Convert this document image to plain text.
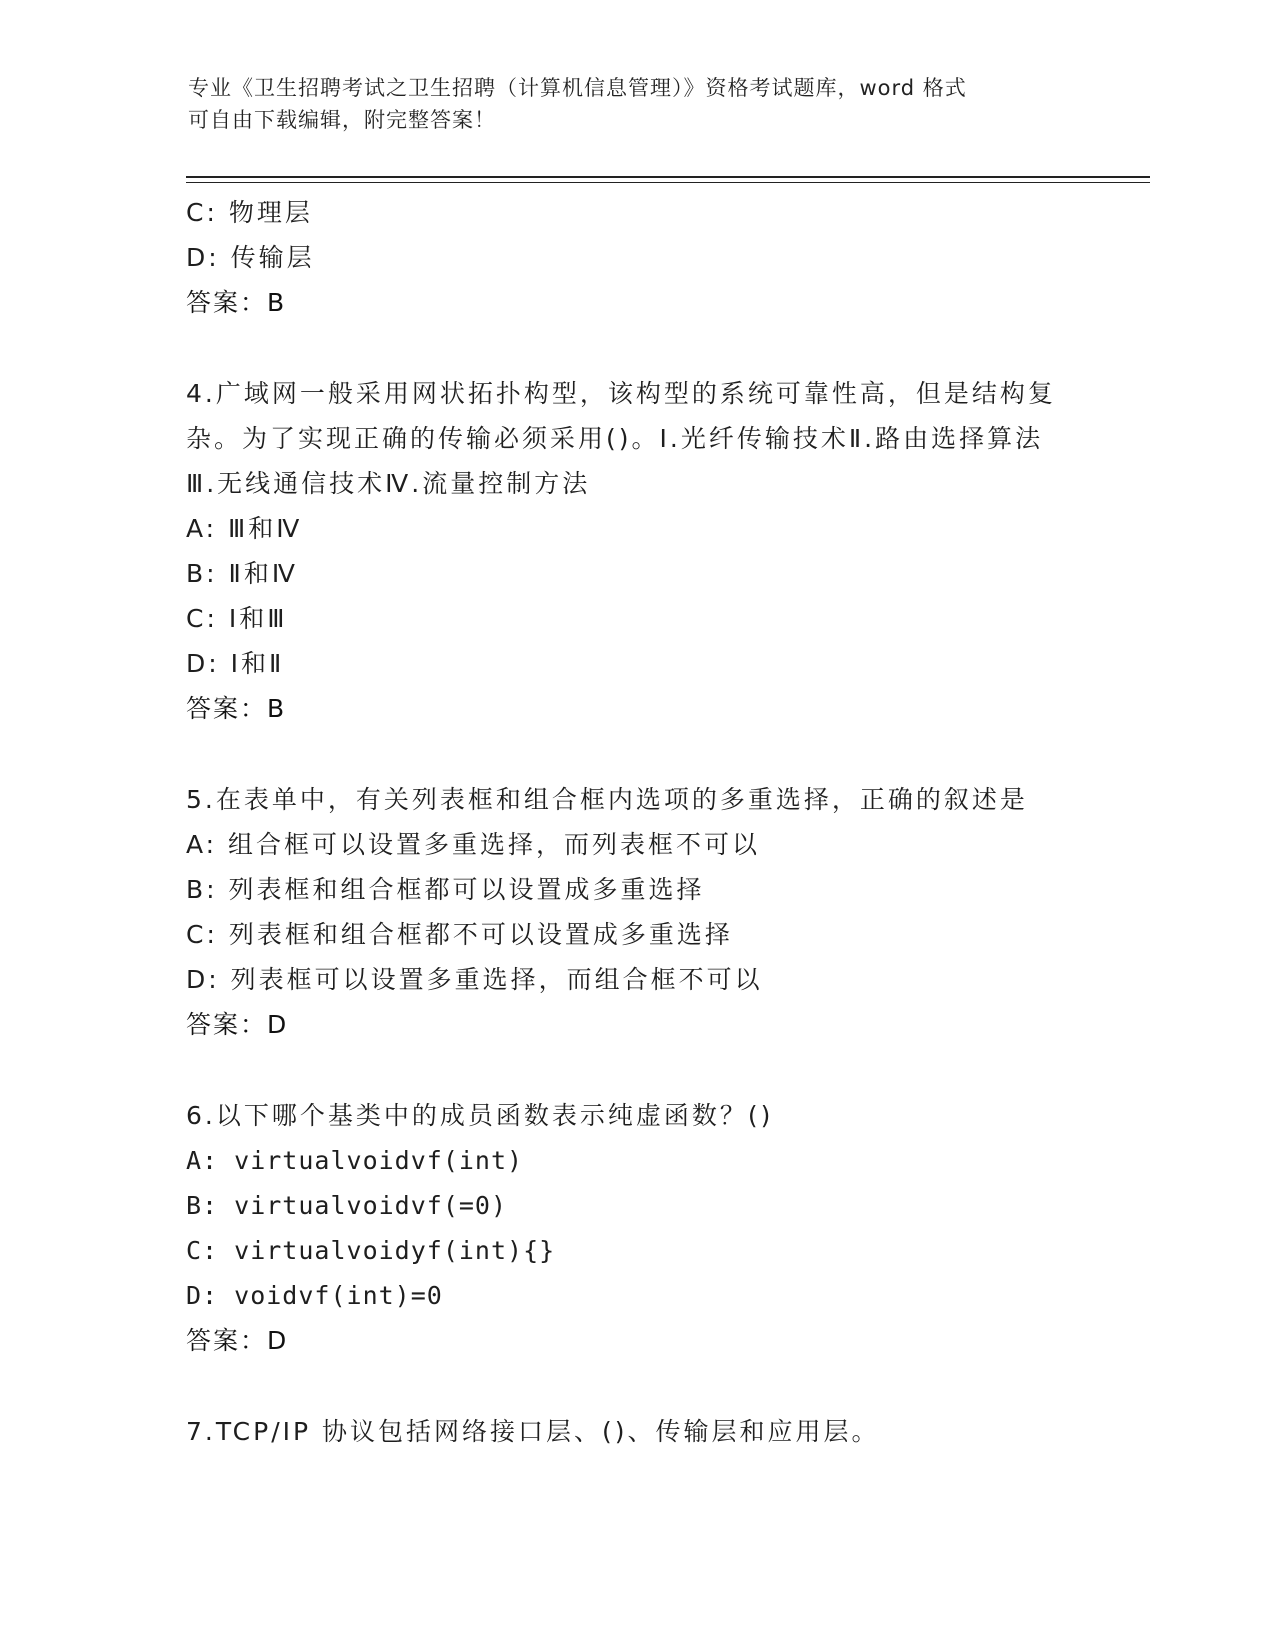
专业《卫生招聘考试之卫生招聘（计算机信息管理）》资格考试题库，word 格式
可自由下载编辑，附完整答案！
C: 物理层
D: 传输层
答案：B
4.广域网一般采用网状拓扑构型，该构型的系统可靠性高，但是结构复杂。为了实现正确的传输必须采用()。Ⅰ.光纤传输技术Ⅱ.路由选择算法Ⅲ.无线通信技术Ⅳ.流量控制方法
A: Ⅲ和Ⅳ
B: Ⅱ和Ⅳ
C: Ⅰ和Ⅲ
D: Ⅰ和Ⅱ
答案：B
5.在表单中，有关列表框和组合框内选项的多重选择，正确的叙述是
A: 组合框可以设置多重选择，而列表框不可以
B: 列表框和组合框都可以设置成多重选择
C: 列表框和组合框都不可以设置成多重选择
D: 列表框可以设置多重选择，而组合框不可以
答案：D
6.以下哪个基类中的成员函数表示纯虚函数？()
A: virtualvoidvf(int)
B: virtualvoidvf(=0)
C: virtualvoidyf(int){}
D: voidvf(int)=0
答案：D
7.TCP/IP 协议包括网络接口层、()、传输层和应用层。
